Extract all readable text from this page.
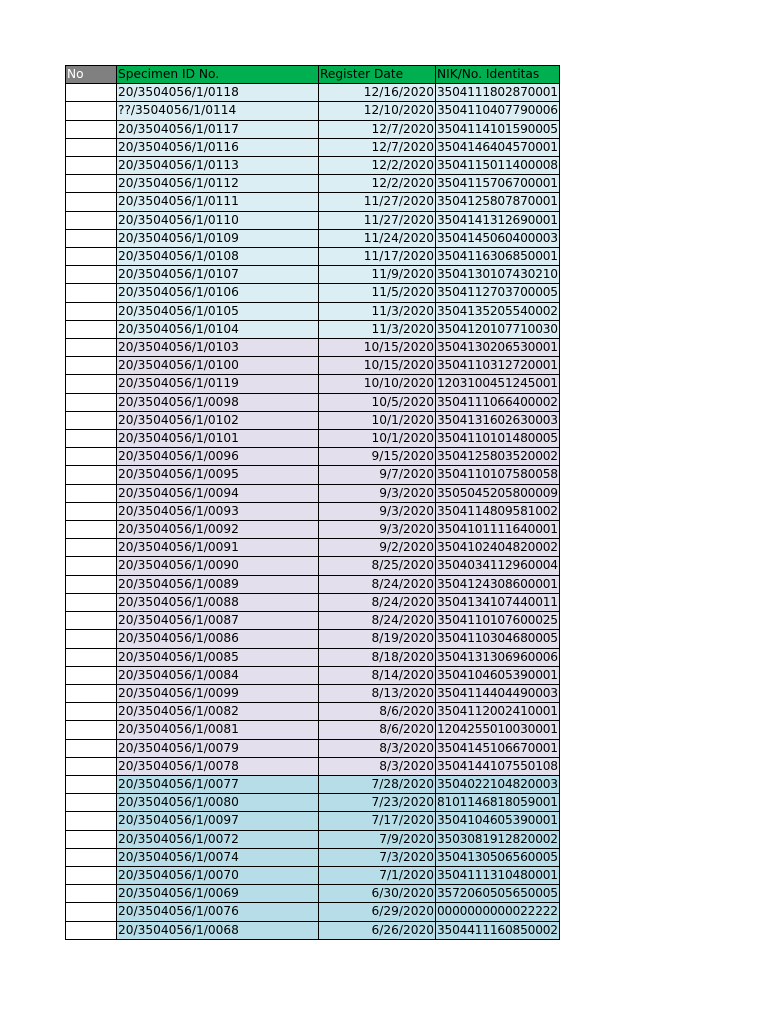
No	Specimen ID No.	Register Date	NIK/No. Identitas
	20/3504056/1/0118	12/16/2020	3504111802870001
	??/3504056/1/0114	12/10/2020	3504110407790006
	20/3504056/1/0117	12/7/2020	3504114101590005
	20/3504056/1/0116	12/7/2020	3504146404570001
	20/3504056/1/0113	12/2/2020	3504115011400008
	20/3504056/1/0112	12/2/2020	3504115706700001
	20/3504056/1/0111	11/27/2020	3504125807870001
	20/3504056/1/0110	11/27/2020	3504141312690001
	20/3504056/1/0109	11/24/2020	3504145060400003
	20/3504056/1/0108	11/17/2020	3504116306850001
	20/3504056/1/0107	11/9/2020	3504130107430210
	20/3504056/1/0106	11/5/2020	3504112703700005
	20/3504056/1/0105	11/3/2020	3504135205540002
	20/3504056/1/0104	11/3/2020	3504120107710030
	20/3504056/1/0103	10/15/2020	3504130206530001
	20/3504056/1/0100	10/15/2020	3504110312720001
	20/3504056/1/0119	10/10/2020	1203100451245001
	20/3504056/1/0098	10/5/2020	3504111066400002
	20/3504056/1/0102	10/1/2020	3504131602630003
	20/3504056/1/0101	10/1/2020	3504110101480005
	20/3504056/1/0096	9/15/2020	3504125803520002
	20/3504056/1/0095	9/7/2020	3504110107580058
	20/3504056/1/0094	9/3/2020	3505045205800009
	20/3504056/1/0093	9/3/2020	3504114809581002
	20/3504056/1/0092	9/3/2020	3504101111640001
	20/3504056/1/0091	9/2/2020	3504102404820002
	20/3504056/1/0090	8/25/2020	3504034112960004
	20/3504056/1/0089	8/24/2020	3504124308600001
	20/3504056/1/0088	8/24/2020	3504134107440011
	20/3504056/1/0087	8/24/2020	3504110107600025
	20/3504056/1/0086	8/19/2020	3504110304680005
	20/3504056/1/0085	8/18/2020	3504131306960006
	20/3504056/1/0084	8/14/2020	3504104605390001
	20/3504056/1/0099	8/13/2020	3504114404490003
	20/3504056/1/0082	8/6/2020	3504112002410001
	20/3504056/1/0081	8/6/2020	1204255010030001
	20/3504056/1/0079	8/3/2020	3504145106670001
	20/3504056/1/0078	8/3/2020	3504144107550108
	20/3504056/1/0077	7/28/2020	3504022104820003
	20/3504056/1/0080	7/23/2020	8101146818059001
	20/3504056/1/0097	7/17/2020	3504104605390001
	20/3504056/1/0072	7/9/2020	3503081912820002
	20/3504056/1/0074	7/3/2020	3504130506560005
	20/3504056/1/0070	7/1/2020	3504111310480001
	20/3504056/1/0069	6/30/2020	3572060505650005
	20/3504056/1/0076	6/29/2020	0000000000022222
	20/3504056/1/0068	6/26/2020	3504411160850002
